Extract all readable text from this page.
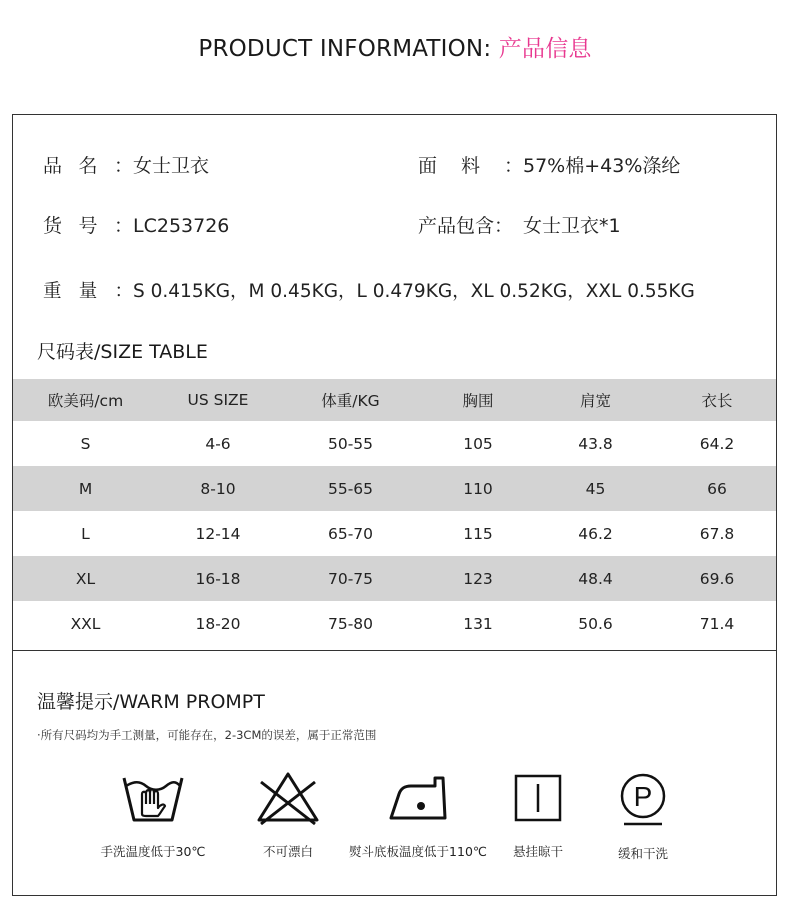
PRODUCT INFORMATION: 产品信息
品名：女士卫衣	面料：57%棉+43%涤纶
货号：LC253726	产品包含： 女士卫衣*1
重量：S 0.415KG，M 0.45KG，L 0.479KG，XL 0.52KG，XXL 0.55KG
尺码表/SIZE TABLE
欧美码/cm	US SIZE	体重/KG	胸围	肩宽	衣长
S	4-6	50-55	105	43.8	64.2
M	8-10	55-65	110	45	66
L	12-14	65-70	115	46.2	67.8
XL	16-18	70-75	123	48.4	69.6
XXL	18-20	75-80	131	50.6	71.4
温馨提示/WARM PROMPT
·所有尺码均为手工测量，可能存在，2-3CM的误差，属于正常范围
手洗温度低于30℃	不可漂白	熨斗底板温度低于110℃	悬挂晾干
P
缓和干洗
